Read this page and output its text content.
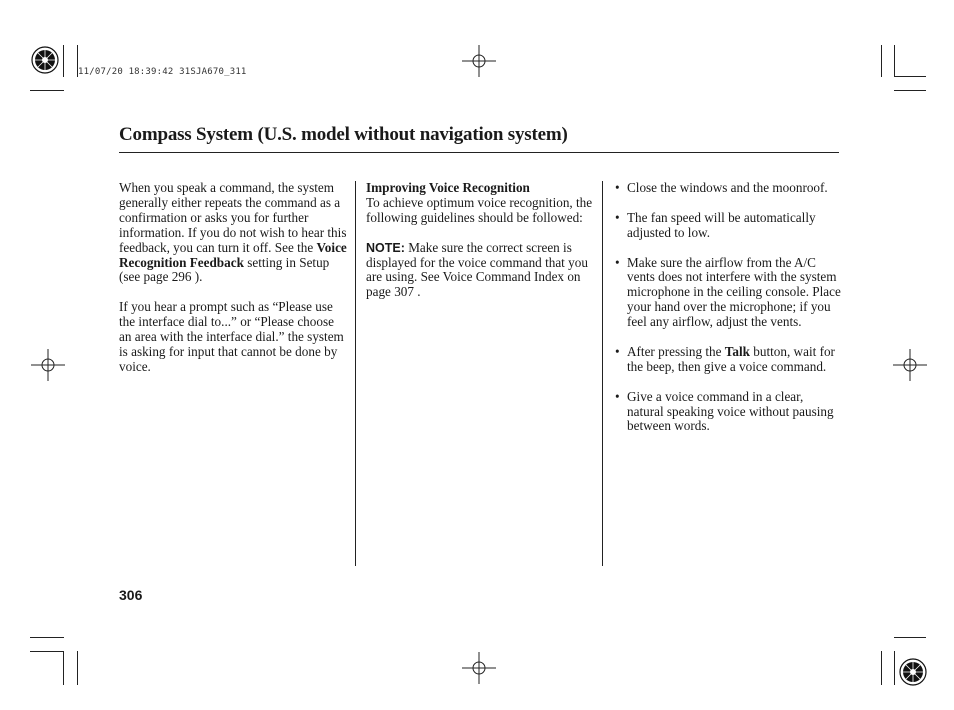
11/07/20 18:39:42 31SJA670_311
Compass System (U.S. model without navigation system)

When you speak a command, the system generally either repeats the command as a confirmation or asks you for further information. If you do not wish to hear this feedback, you can turn it off. See the Voice Recognition Feedback setting in Setup (see page 296 ).

If you hear a prompt such as “Please use the interface dial to...” or “Please choose an area with the interface dial.” the system is asking for input that cannot be done by voice.

Improving Voice Recognition

To achieve optimum voice recognition, the following guidelines should be followed:

NOTE: Make sure the correct screen is displayed for the voice command that you are using. See Voice Command Index on page 307 .

• Close the windows and the moonroof.
• The fan speed will be automatically adjusted to low.
• Make sure the airflow from the A/C vents does not interfere with the system microphone in the ceiling console. Place your hand over the microphone; if you feel any airflow, adjust the vents.
• After pressing the Talk button, wait for the beep, then give a voice command.
• Give a voice command in a clear, natural speaking voice without pausing between words.
306
